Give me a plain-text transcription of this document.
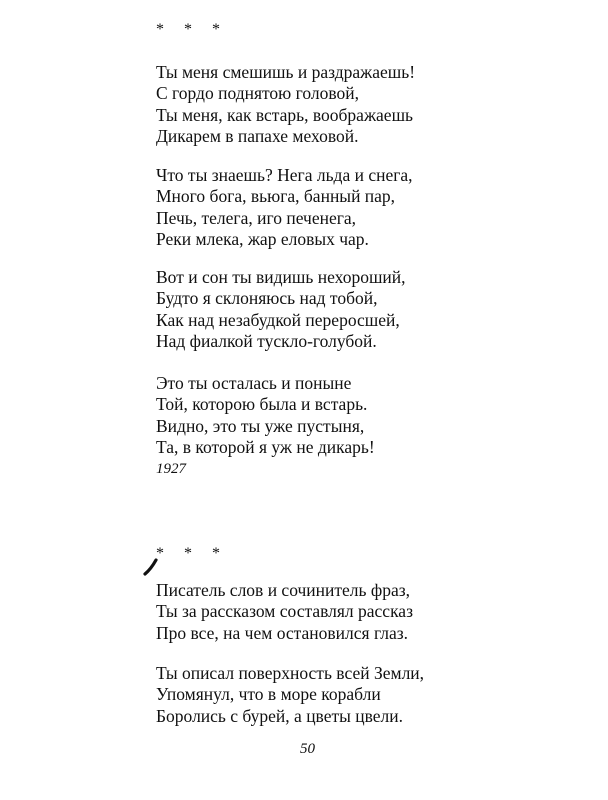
* * *
Ты меня смешишь и раздражаешь!
С гордо поднятою головой,
Ты меня, как встарь, воображаешь
Дикарем в папахе меховой.
Что ты знаешь? Нега льда и снега,
Много бога, вьюга, банный пар,
Печь, телега, иго печенега,
Реки млека, жар еловых чар.
Вот и сон ты видишь нехороший,
Будто я склоняюсь над тобой,
Как над незабудкой переросшей,
Над фиалкой тускло-голубой.
Это ты осталась и поныне
Той, которою была и встарь.
Видно, это ты уже пустыня,
Та, в которой я уж не дикарь!
1927
* * *
Писатель слов и сочинитель фраз,
Ты за рассказом составлял рассказ
Про все, на чем остановился глаз.
Ты описал поверхность всей Земли,
Упомянул, что в море корабли
Боролись с бурей, а цветы цвели.
50
